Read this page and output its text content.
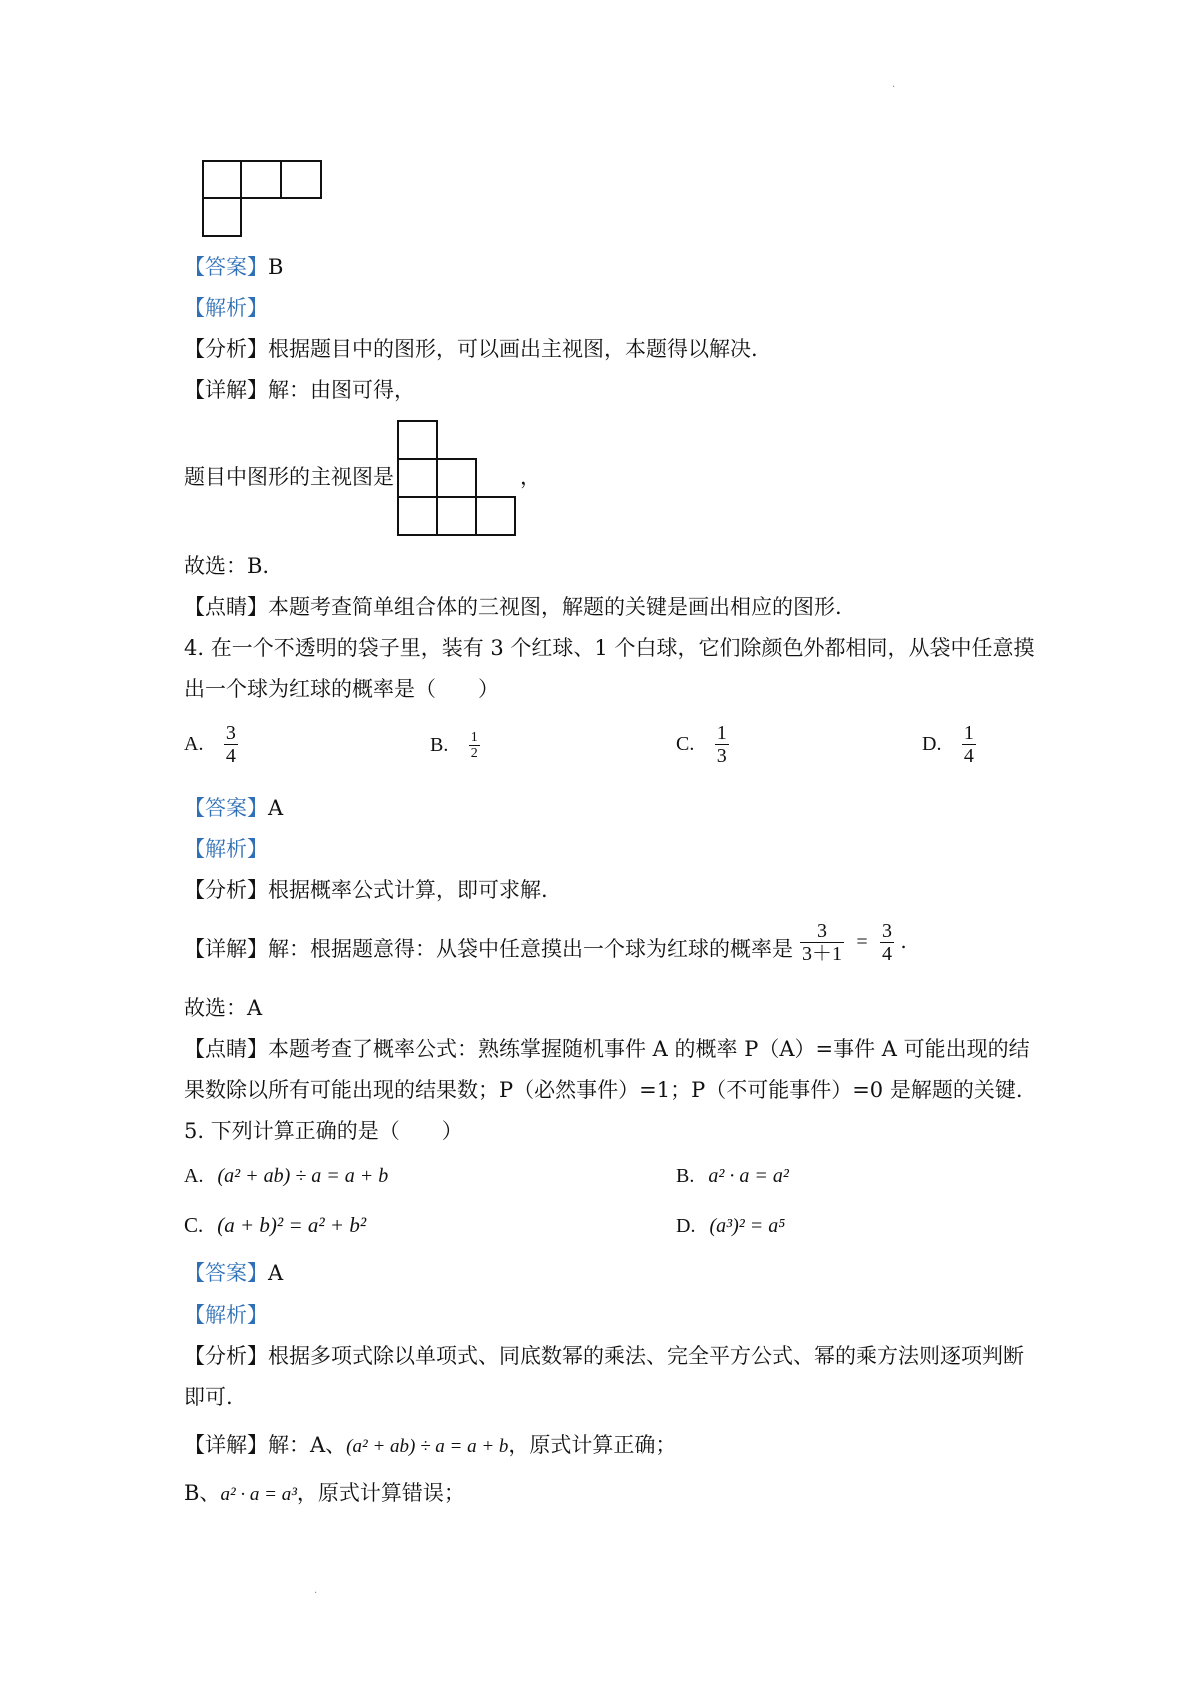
·
【答案】B
【解析】
【分析】根据题目中的图形，可以画出主视图，本题得以解决.
【详解】解：由图可得，
题目中图形的主视图是	，
故选：B.
【点睛】本题考查简单组合体的三视图，解题的关键是画出相应的图形.
4. 在一个不透明的袋子里，装有 3 个红球、1 个白球，它们除颜色外都相同，从袋中任意摸
出一个球为红球的概率是（　　）
A. $\frac{3}{4}$	B. $\frac{1}{2}$	C. $\frac{1}{3}$	D. $\frac{1}{4}$
【答案】A
【解析】
【分析】根据概率公式计算，即可求解.
【详解】解：根据题意得：从袋中任意摸出一个球为红球的概率是 $\frac{3}{3+1} = \frac{3}{4}$ .
故选：A
【点睛】本题考查了概率公式：熟练掌握随机事件 A 的概率 P（A）=事件 A 可能出现的结
果数除以所有可能出现的结果数；P（必然事件）=1；P（不可能事件）=0 是解题的关键.
5. 下列计算正确的是（　　）
A. (a² + ab) ÷ a = a + b	B. a² · a = a²
C. (a + b)² = a² + b²	D. (a³)² = a⁵
【答案】A
【解析】
【分析】根据多项式除以单项式、同底数幂的乘法、完全平方公式、幂的乘方法则逐项判断
即可.
【详解】解：A、(a² + ab) ÷ a = a + b，原式计算正确；
B、a² · a = a³，原式计算错误；
·
